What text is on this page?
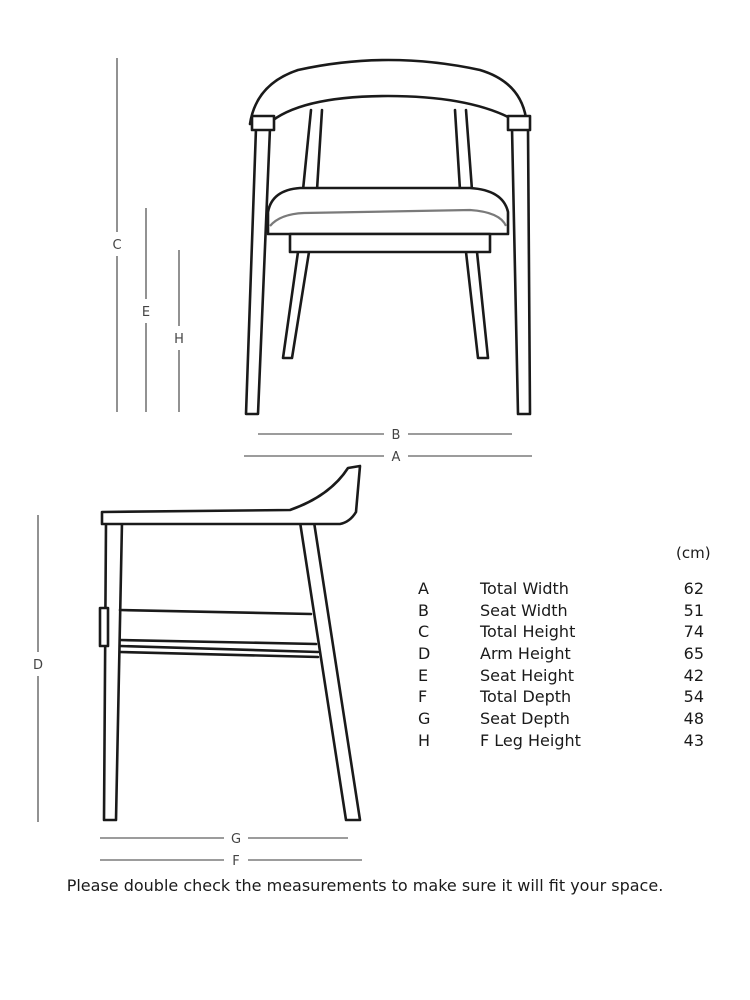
C
E
H
B
A
D
G
F
(cm)
A	Total Width	62
B	Seat Width	51
C	Total Height	74
D	Arm Height	65
E	Seat Height	42
F	Total Depth	54
G	Seat Depth	48
H	F Leg Height	43
Please double check the measurements to make sure it will fit your space.
